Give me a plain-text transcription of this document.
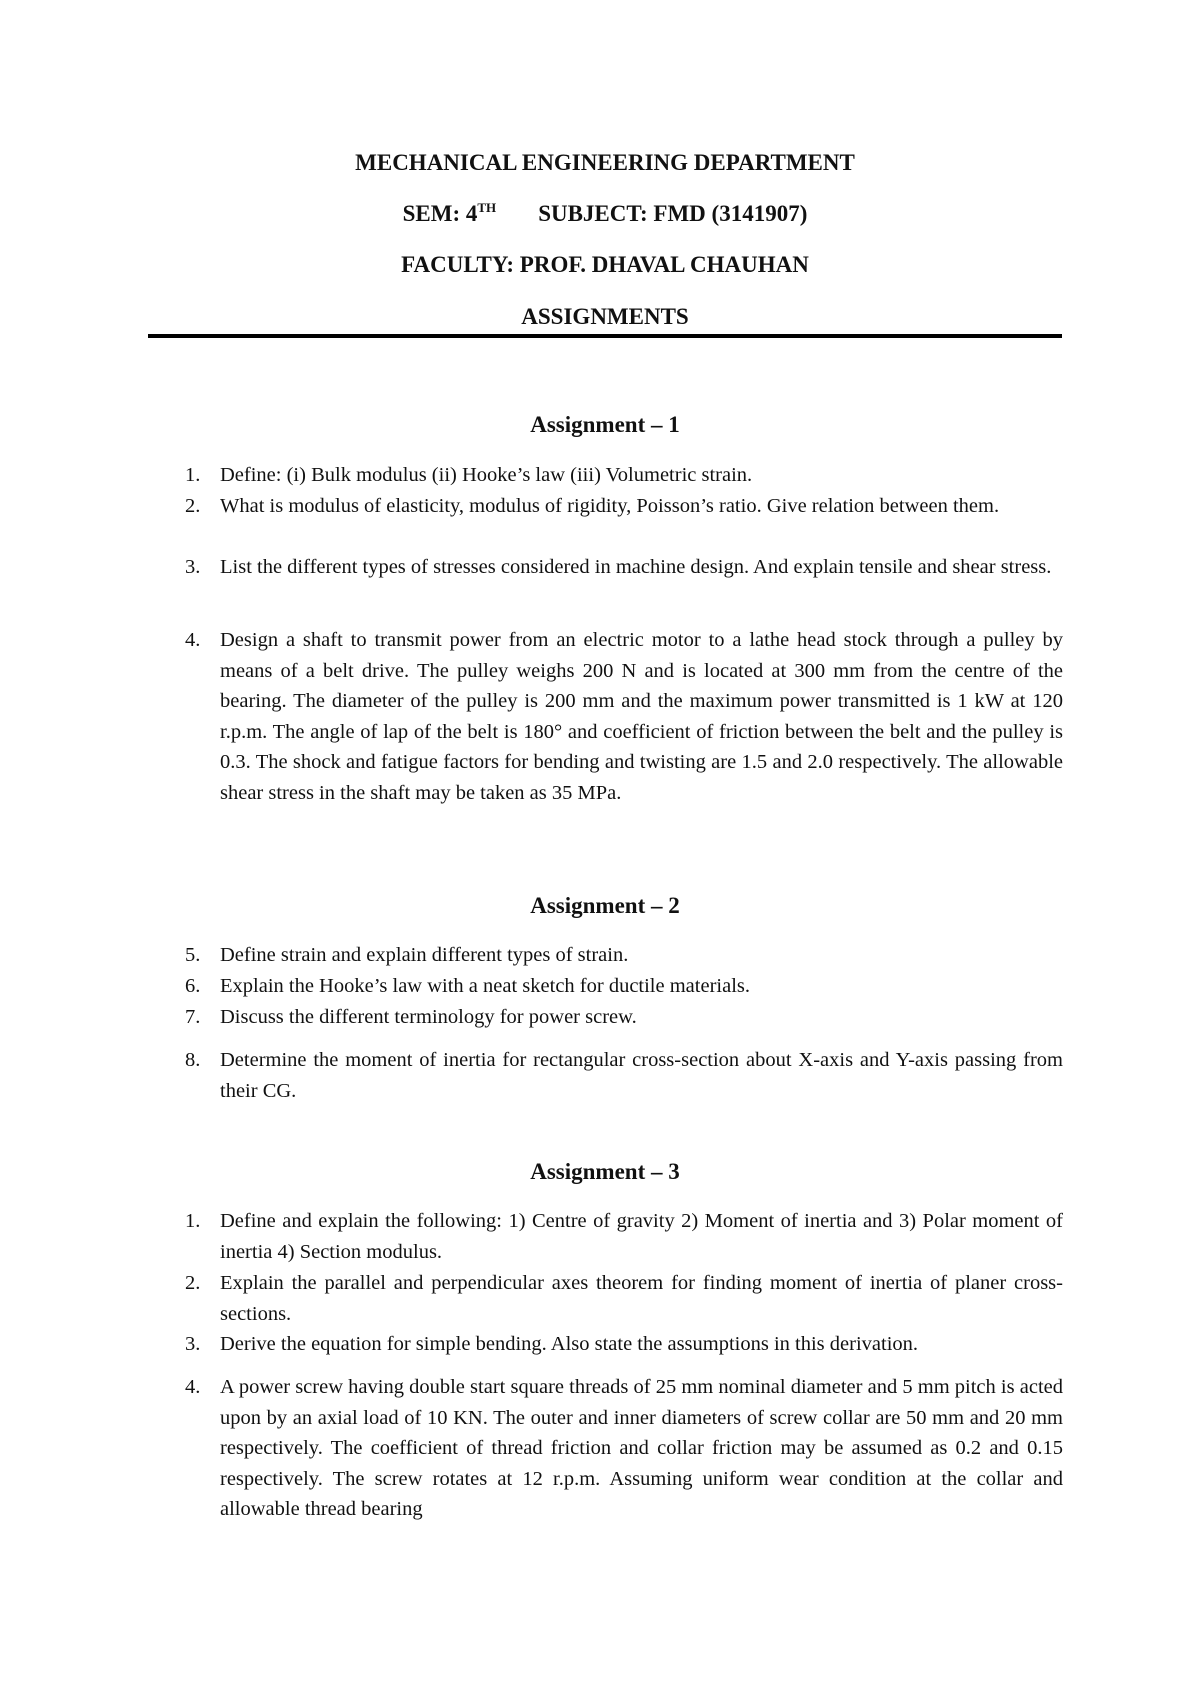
MECHANICAL ENGINEERING DEPARTMENT
SEM: 4TH SUBJECT: FMD (3141907)
FACULTY: PROF. DHAVAL CHAUHAN
ASSIGNMENTS
Assignment – 1
1. Define: (i) Bulk modulus (ii) Hooke’s law (iii) Volumetric strain.
2. What is modulus of elasticity, modulus of rigidity, Poisson’s ratio. Give relation between them.
3. List the different types of stresses considered in machine design. And explain tensile and shear stress.
4. Design a shaft to transmit power from an electric motor to a lathe head stock through a pulley by means of a belt drive. The pulley weighs 200 N and is located at 300 mm from the centre of the bearing. The diameter of the pulley is 200 mm and the maximum power transmitted is 1 kW at 120 r.p.m. The angle of lap of the belt is 180° and coefficient of friction between the belt and the pulley is 0.3. The shock and fatigue factors for bending and twisting are 1.5 and 2.0 respectively. The allowable shear stress in the shaft may be taken as 35 MPa.
Assignment – 2
5. Define strain and explain different types of strain.
6. Explain the Hooke’s law with a neat sketch for ductile materials.
7. Discuss the different terminology for power screw.
8. Determine the moment of inertia for rectangular cross-section about X-axis and Y-axis passing from their CG.
Assignment – 3
1. Define and explain the following: 1) Centre of gravity 2) Moment of inertia and 3) Polar moment of inertia 4) Section modulus.
2. Explain the parallel and perpendicular axes theorem for finding moment of inertia of planer cross-sections.
3. Derive the equation for simple bending. Also state the assumptions in this derivation.
4. A power screw having double start square threads of 25 mm nominal diameter and 5 mm pitch is acted upon by an axial load of 10 KN. The outer and inner diameters of screw collar are 50 mm and 20 mm respectively. The coefficient of thread friction and collar friction may be assumed as 0.2 and 0.15 respectively. The screw rotates at 12 r.p.m. Assuming uniform wear condition at the collar and allowable thread bearing
